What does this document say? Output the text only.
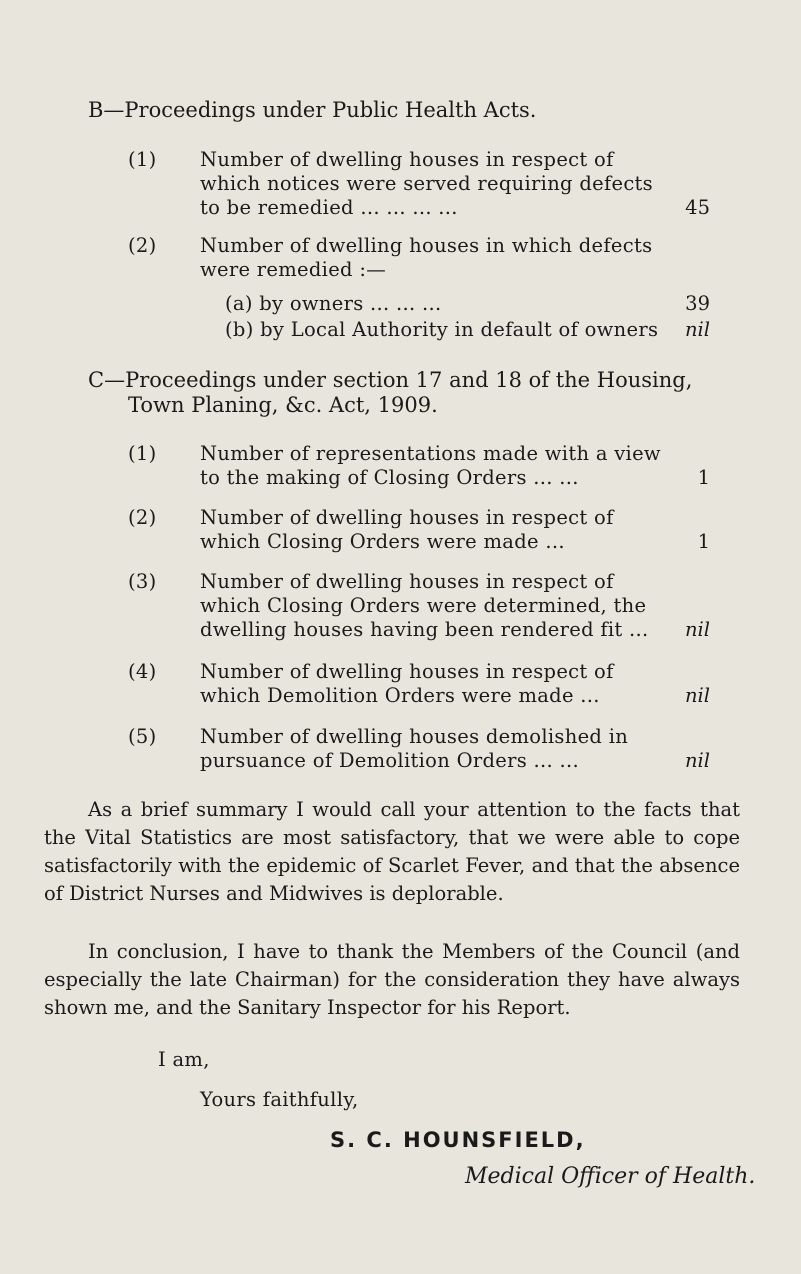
B—Proceedings under Public Health Acts.
(1) Number of dwelling houses in respect of
which notices were served requiring defects
to be remedied ... ... ... ...	45
(2) Number of dwelling houses in which defects
were remedied :—
(a) by owners ... ... ...	39
(b) by Local Authority in default of owners	nil
C—Proceedings under section 17 and 18 of the Housing,
Town Planing, &c. Act, 1909.
(1) Number of representations made with a view
to the making of Closing Orders ... ...	1
(2) Number of dwelling houses in respect of
which Closing Orders were made ...	1
(3) Number of dwelling houses in respect of
which Closing Orders were determined, the
dwelling houses having been rendered fit ...	nil
(4) Number of dwelling houses in respect of
which Demolition Orders were made ...	nil
(5) Number of dwelling houses demolished in
pursuance of Demolition Orders ... ...	nil
As a brief summary I would call your attention to the facts that the Vital Statistics are most satisfactory, that we were able to cope satisfactorily with the epidemic of Scarlet Fever, and that the absence of District Nurses and Midwives is deplorable.
In conclusion, I have to thank the Members of the Council (and especially the late Chairman) for the consideration they have always shown me, and the Sanitary Inspector for his Report.
I am,
Yours faithfully,
S. C. HOUNSFIELD,
Medical Officer of Health.
